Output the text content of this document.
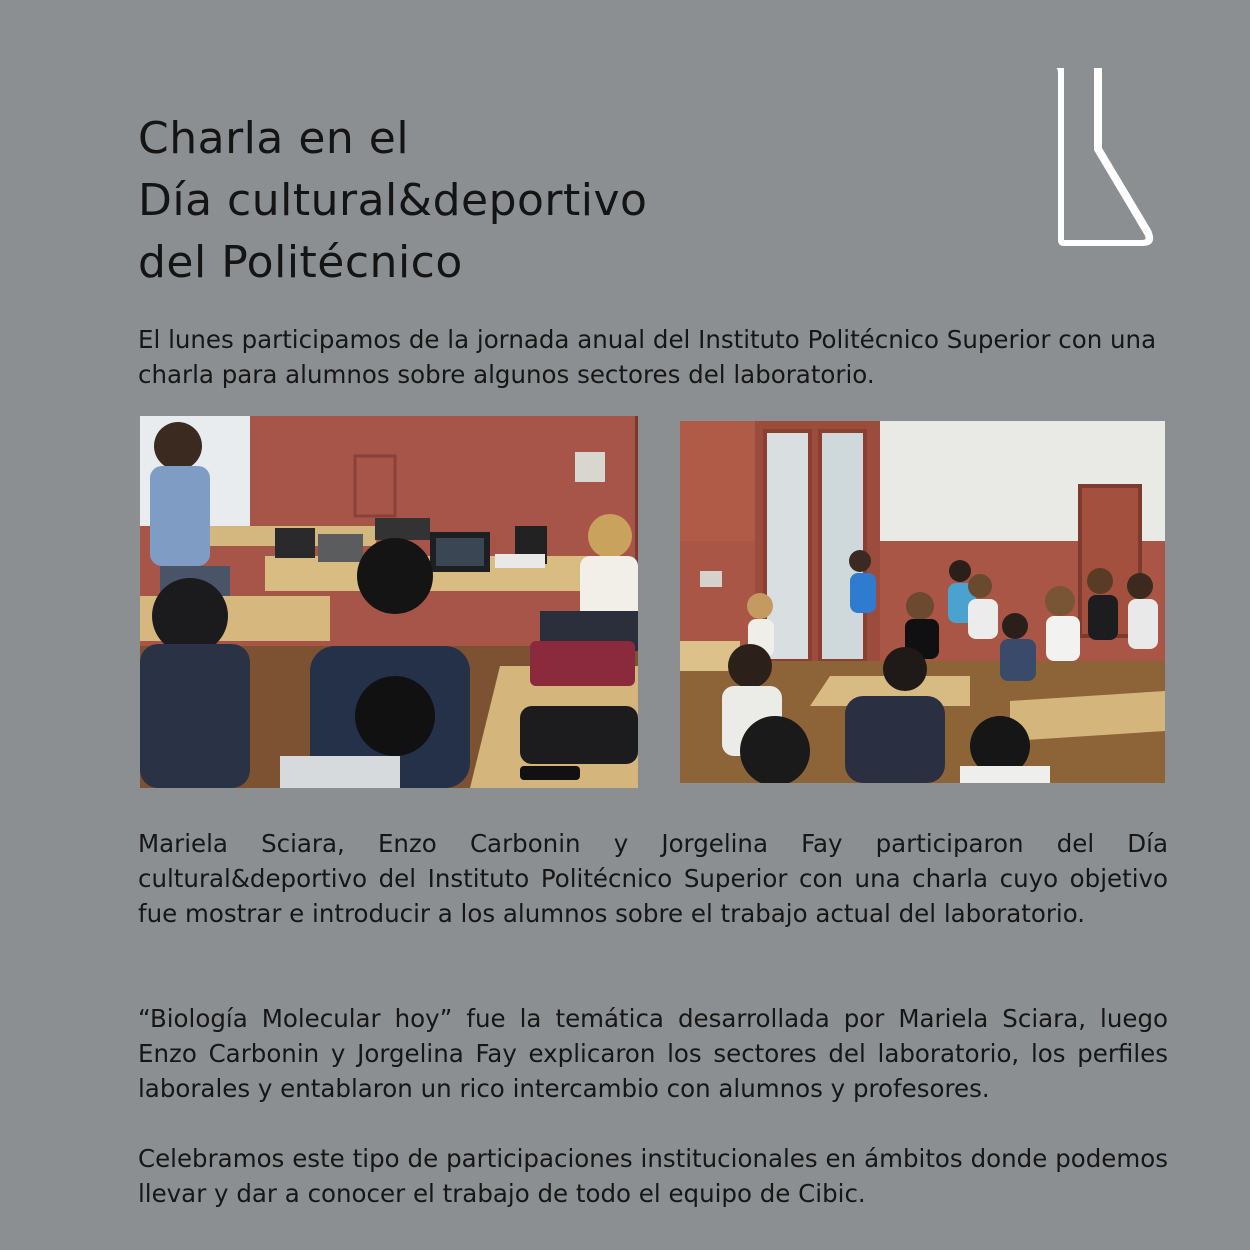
Charla en el
Día cultural&deportivo
del Politécnico

El lunes participamos de la jornada anual del Instituto Politécnico Superior con una charla para alumnos sobre algunos sectores del laboratorio.

Mariela Sciara, Enzo Carbonin y Jorgelina Fay participaron del Día cultural&deportivo del Instituto Politécnico Superior con una charla cuyo objetivo fue mostrar e introducir a los alumnos sobre el trabajo actual del laboratorio.

“Biología Molecular hoy” fue la temática desarrollada por Mariela Sciara, luego Enzo Carbonin y Jorgelina Fay explicaron los sectores del laboratorio, los perfiles laborales y entablaron un rico intercambio con alumnos y profesores.

Celebramos este tipo de participaciones institucionales en ámbitos donde podemos llevar y dar a conocer el trabajo de todo el equipo de Cibic.
